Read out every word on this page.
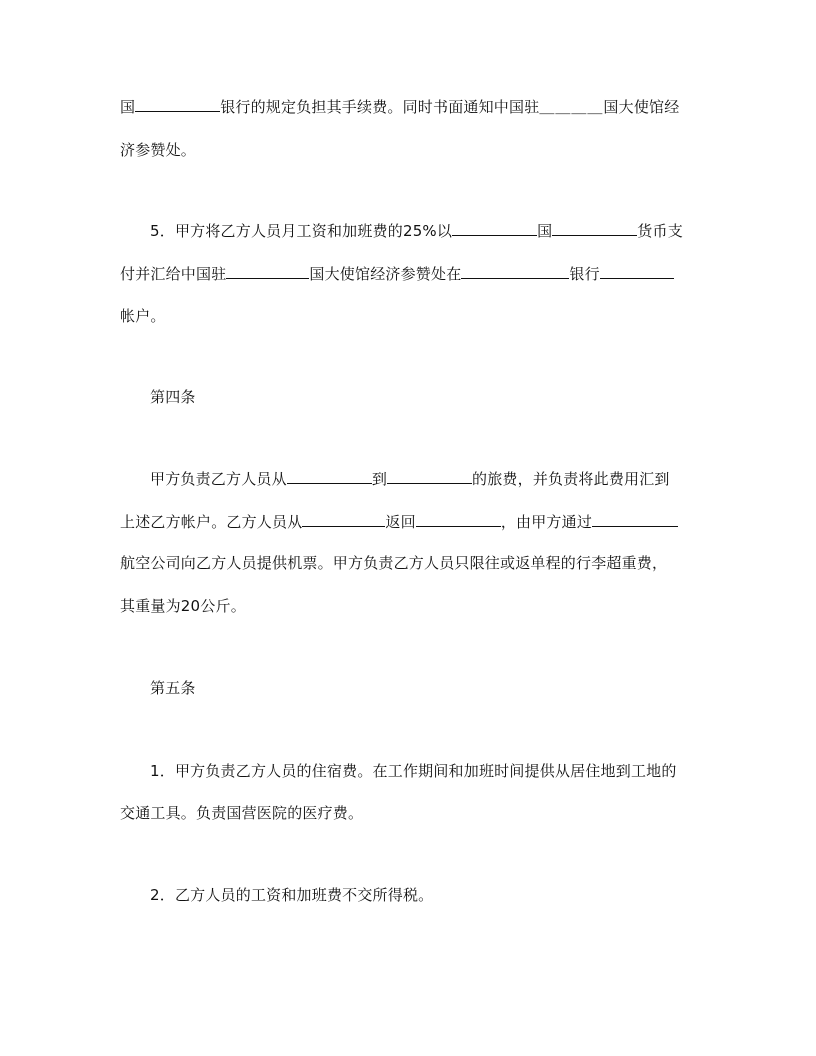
国	银行的规定负担其手续费。同时书面通知中国驻＿＿＿＿国大使馆经
济参赞处。
5．甲方将乙方人员月工资和加班费的25%以	国	货币支
付并汇给中国驻	国大使馆经济参赞处在	银行
帐户。
第四条
甲方负责乙方人员从	到	的旅费，并负责将此费用汇到
上述乙方帐户。乙方人员从	返回	，由甲方通过
航空公司向乙方人员提供机票。甲方负责乙方人员只限往或返单程的行李超重费，
其重量为20公斤。
第五条
1．甲方负责乙方人员的住宿费。在工作期间和加班时间提供从居住地到工地的
交通工具。负责国营医院的医疗费。
2．乙方人员的工资和加班费不交所得税。
